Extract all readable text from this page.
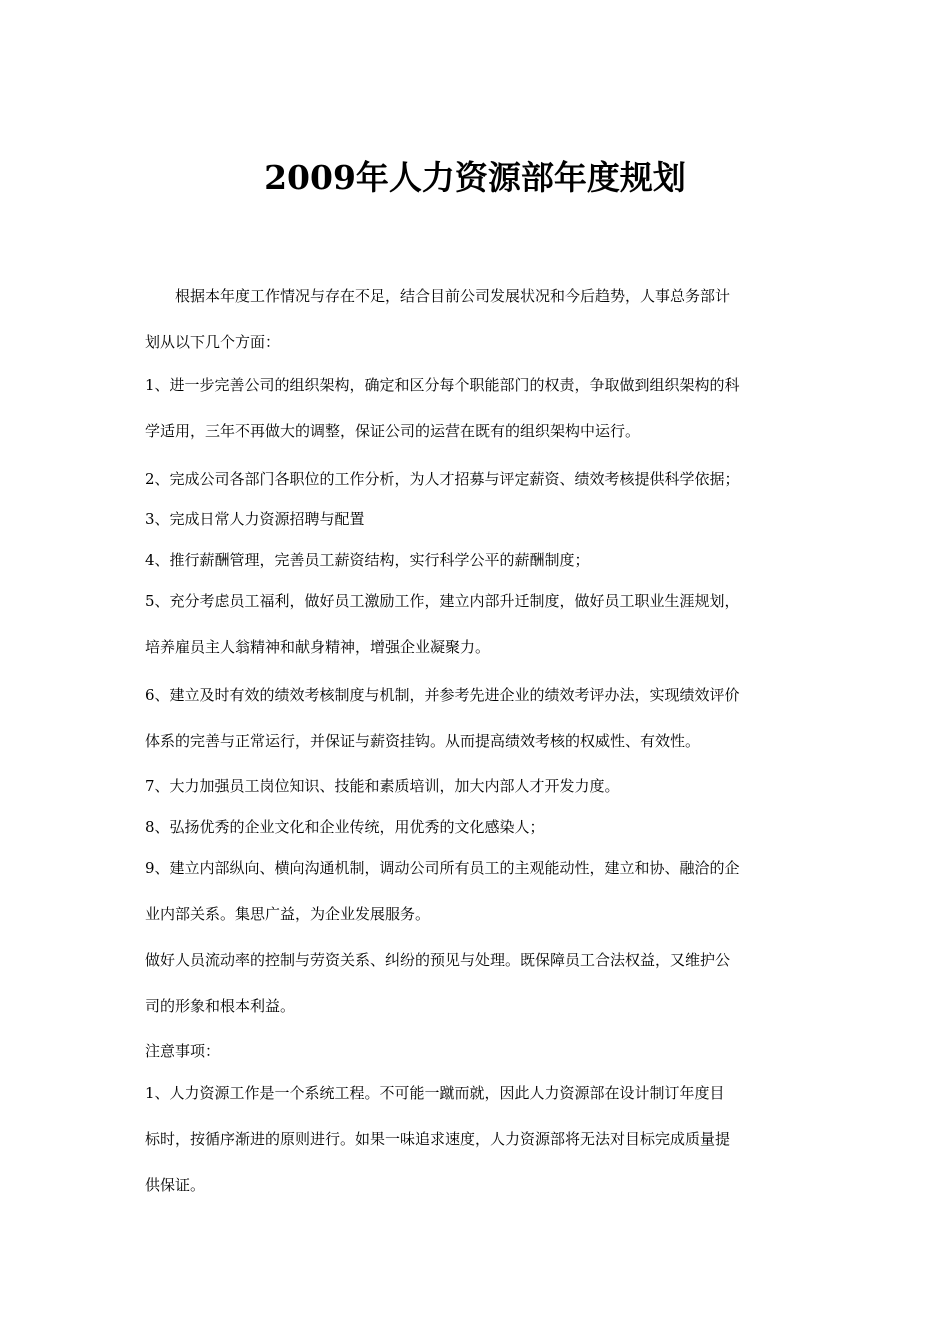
2009年人力资源部年度规划
　　根据本年度工作情况与存在不足，结合目前公司发展状况和今后趋势，人事总务部计
划从以下几个方面：
1、进一步完善公司的组织架构，确定和区分每个职能部门的权责，争取做到组织架构的科
学适用，三年不再做大的调整，保证公司的运营在既有的组织架构中运行。
2、完成公司各部门各职位的工作分析，为人才招募与评定薪资、绩效考核提供科学依据；
3、完成日常人力资源招聘与配置
4、推行薪酬管理，完善员工薪资结构，实行科学公平的薪酬制度；
5、充分考虑员工福利，做好员工激励工作，建立内部升迁制度，做好员工职业生涯规划，
培养雇员主人翁精神和献身精神，增强企业凝聚力。
6、建立及时有效的绩效考核制度与机制，并参考先进企业的绩效考评办法，实现绩效评价
体系的完善与正常运行，并保证与薪资挂钩。从而提高绩效考核的权威性、有效性。
7、大力加强员工岗位知识、技能和素质培训，加大内部人才开发力度。
8、弘扬优秀的企业文化和企业传统，用优秀的文化感染人；
9、建立内部纵向、横向沟通机制，调动公司所有员工的主观能动性，建立和协、融洽的企
业内部关系。集思广益，为企业发展服务。
做好人员流动率的控制与劳资关系、纠纷的预见与处理。既保障员工合法权益，又维护公
司的形象和根本利益。
注意事项：
1、人力资源工作是一个系统工程。不可能一蹴而就，因此人力资源部在设计制订年度目
标时，按循序渐进的原则进行。如果一味追求速度，人力资源部将无法对目标完成质量提
供保证。
